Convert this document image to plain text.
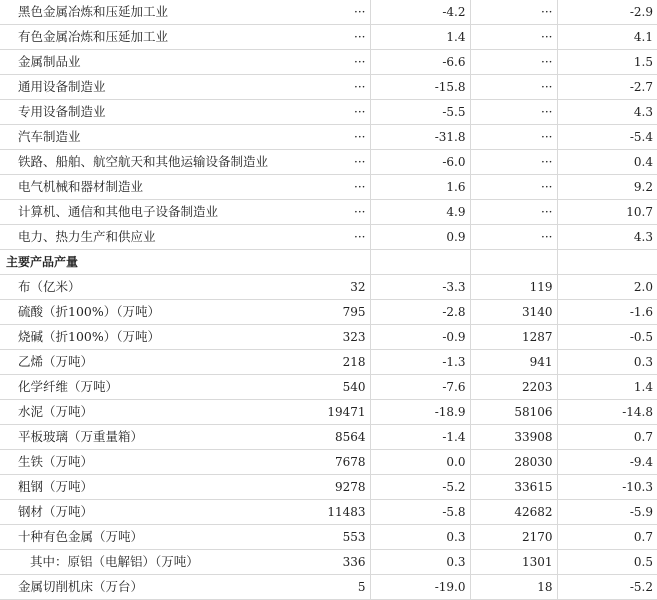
黑色金属冶炼和压延加工业	···	-4.2	···	-2.9
有色金属冶炼和压延加工业	···	1.4	···	4.1
金属制品业	···	-6.6	···	1.5
通用设备制造业	···	-15.8	···	-2.7
专用设备制造业	···	-5.5	···	4.3
汽车制造业	···	-31.8	···	-5.4
铁路、船舶、航空航天和其他运输设备制造业	···	-6.0	···	0.4
电气机械和器材制造业	···	1.6	···	9.2
计算机、通信和其他电子设备制造业	···	4.9	···	10.7
电力、热力生产和供应业	···	0.9	···	4.3
主要产品产量				
布（亿米）	32	-3.3	119	2.0
硫酸（折100%）（万吨）	795	-2.8	3140	-1.6
烧碱（折100%）（万吨）	323	-0.9	1287	-0.5
乙烯（万吨）	218	-1.3	941	0.3
化学纤维（万吨）	540	-7.6	2203	1.4
水泥（万吨）	19471	-18.9	58106	-14.8
平板玻璃（万重量箱）	8564	-1.4	33908	0.7
生铁（万吨）	7678	0.0	28030	-9.4
粗钢（万吨）	9278	-5.2	33615	-10.3
钢材（万吨）	11483	-5.8	42682	-5.9
十种有色金属（万吨）	553	0.3	2170	0.7
其中：原铝（电解铝）（万吨）	336	0.3	1301	0.5
金属切削机床（万台）	5	-19.0	18	-5.2
